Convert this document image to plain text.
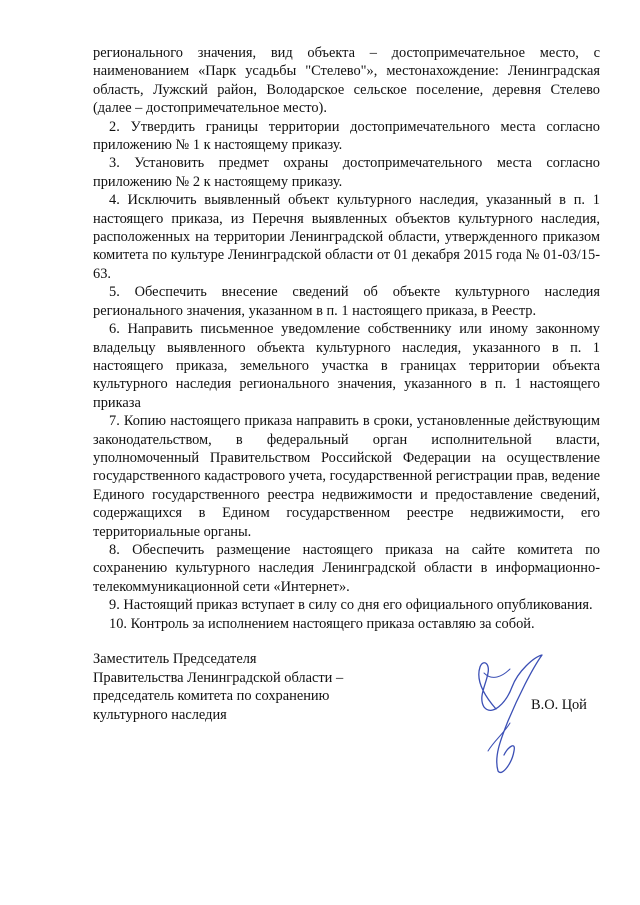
регионального значения, вид объекта – достопримечательное место, с наименованием «Парк усадьбы "Стелево"», местонахождение: Ленинградская область, Лужский район, Володарское сельское поселение, деревня Стелево (далее – достопримечательное место).

2. Утвердить границы территории достопримечательного места согласно приложению № 1 к настоящему приказу.

3. Установить предмет охраны достопримечательного места согласно приложению № 2 к настоящему приказу.

4. Исключить выявленный объект культурного наследия, указанный в п. 1 настоящего приказа, из Перечня выявленных объектов культурного наследия, расположенных на территории Ленинградской области, утвержденного приказом комитета по культуре Ленинградской области от 01 декабря 2015 года № 01-03/15-63.

5. Обеспечить внесение сведений об объекте культурного наследия регионального значения, указанном в п. 1 настоящего приказа, в Реестр.

6. Направить письменное уведомление собственнику или иному законному владельцу выявленного объекта культурного наследия, указанного в п. 1 настоящего приказа, земельного участка в границах территории объекта культурного наследия регионального значения, указанного в п. 1 настоящего приказа

7. Копию настоящего приказа направить в сроки, установленные действующим законодательством, в федеральный орган исполнительной власти, уполномоченный Правительством Российской Федерации на осуществление государственного кадастрового учета, государственной регистрации прав, ведение Единого государственного реестра недвижимости и предоставление сведений, содержащихся в Едином государственном реестре недвижимости, его территориальные органы.

8. Обеспечить размещение настоящего приказа на сайте комитета по сохранению культурного наследия Ленинградской области в информационно-телекоммуникационной сети «Интернет».

9. Настоящий приказ вступает в силу со дня его официального опубликования.

10. Контроль за исполнением настоящего приказа оставляю за собой.

Заместитель Председателя
Правительства Ленинградской области –
председатель комитета по сохранению
культурного наследия
В.О. Цой
